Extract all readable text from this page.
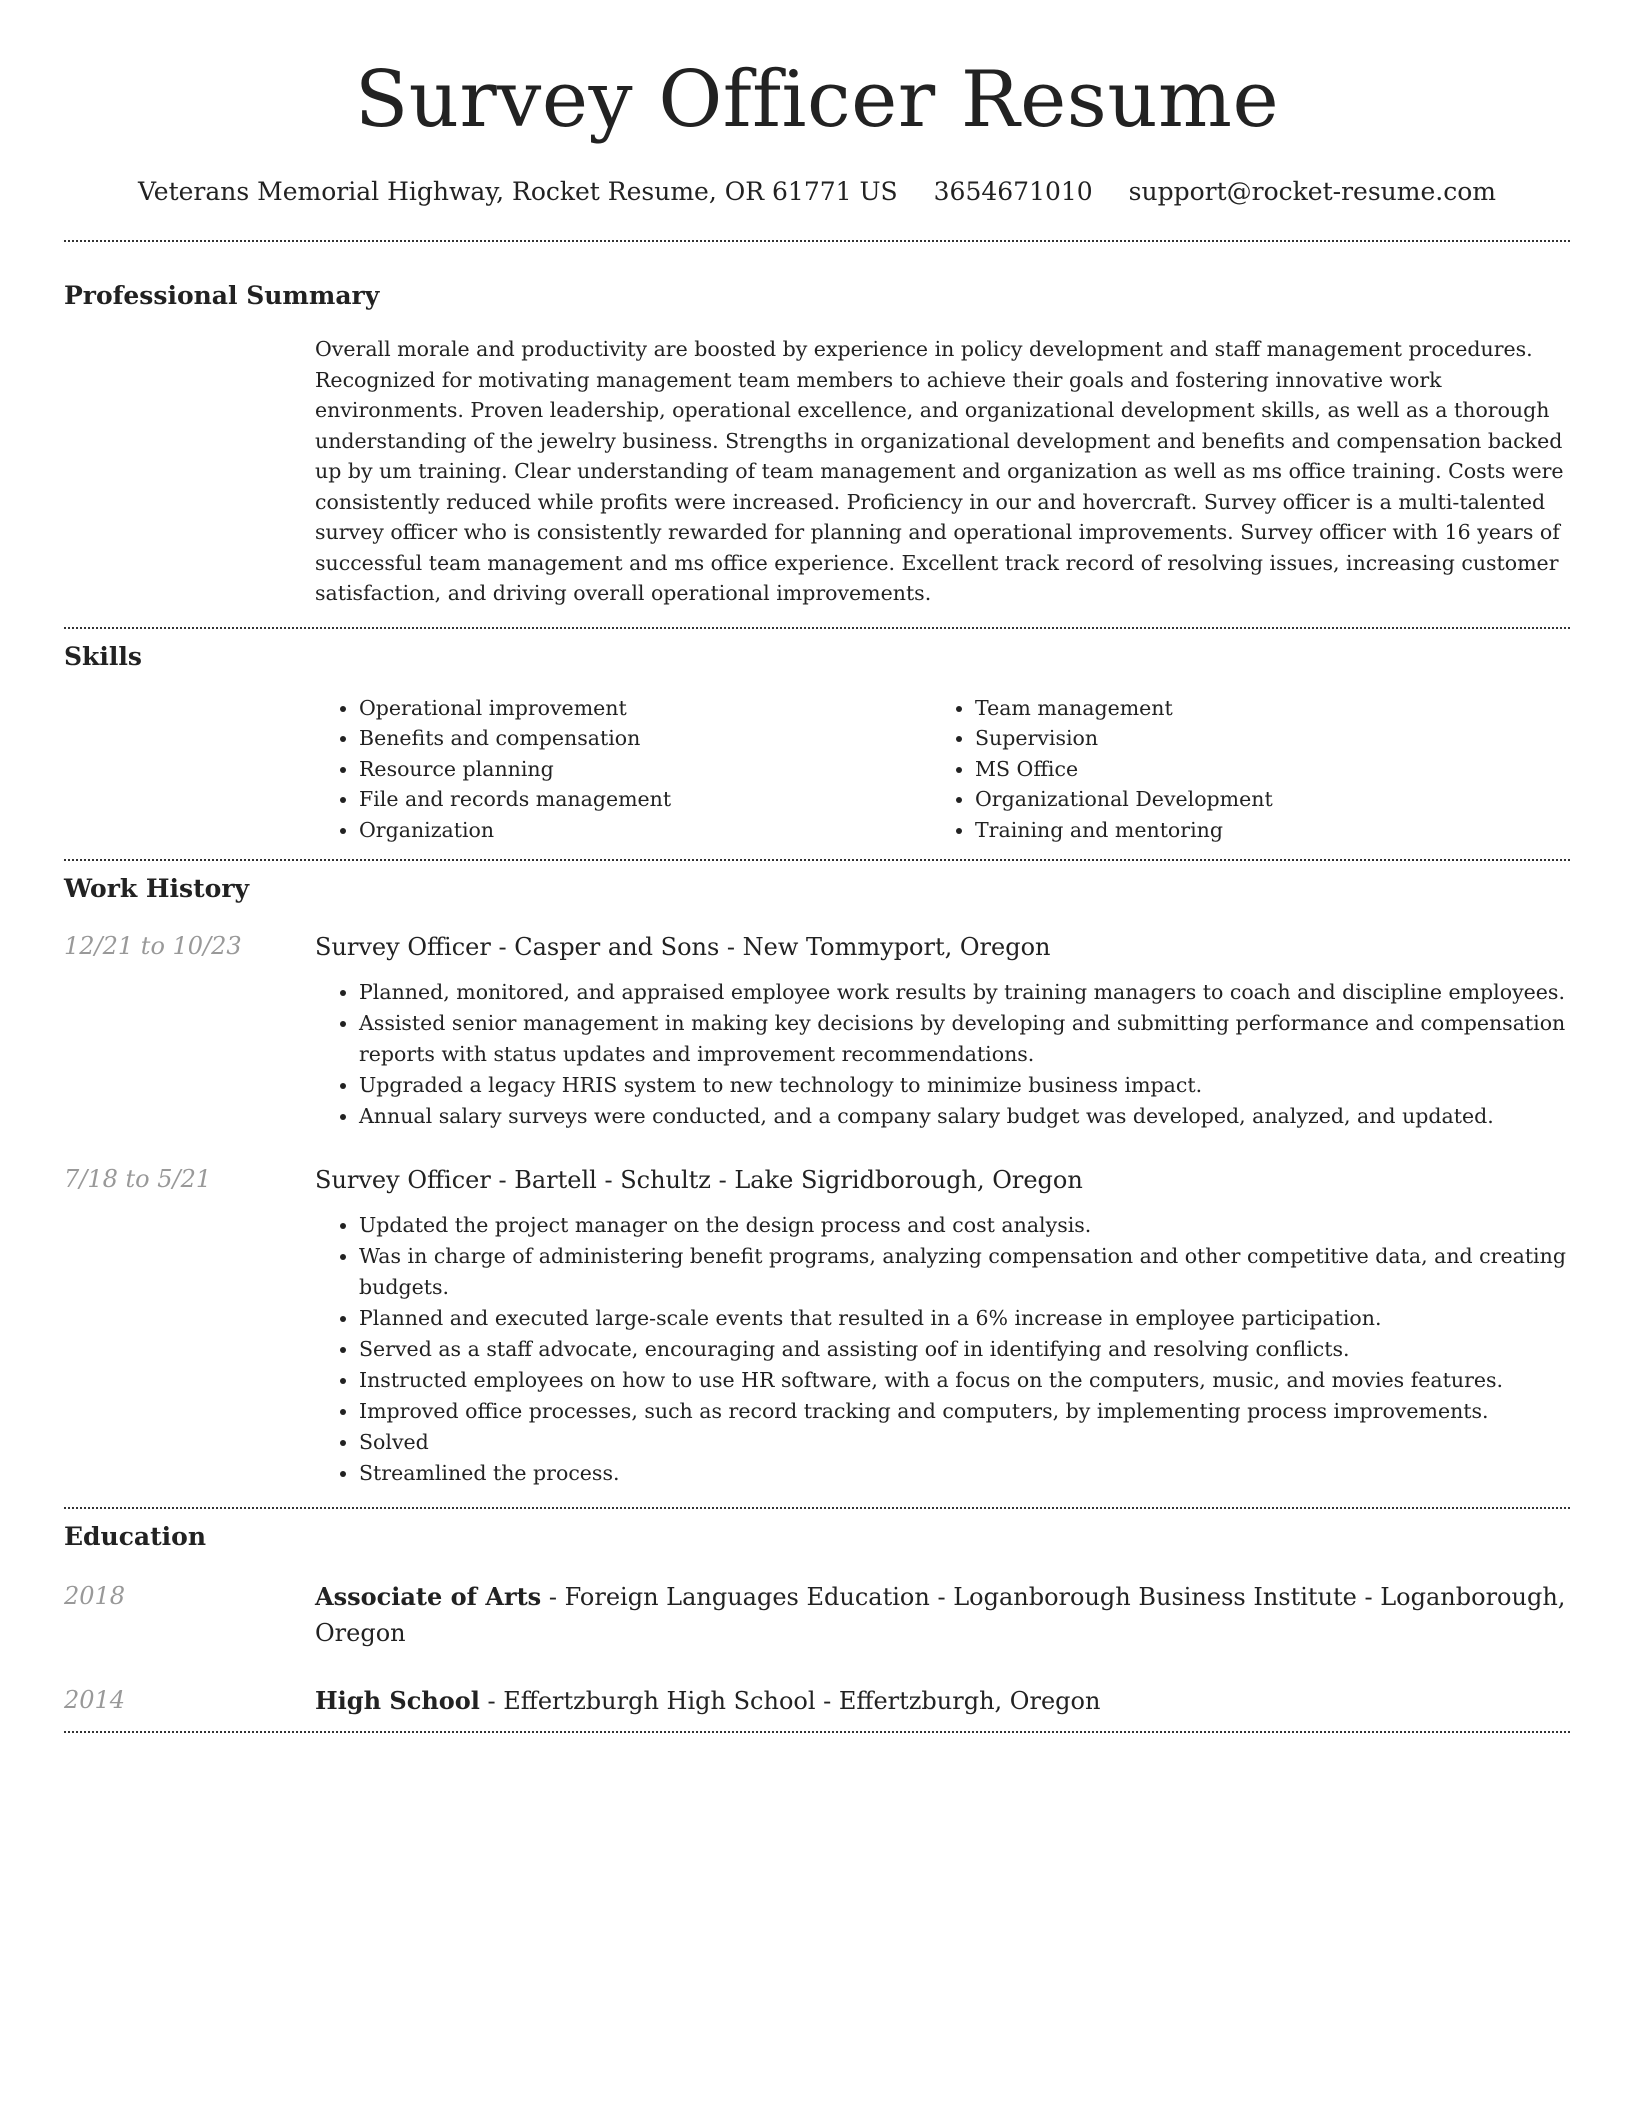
Survey Officer Resume
Veterans Memorial Highway, Rocket Resume, OR 61771 US 3654671010 support@rocket-resume.com
Professional Summary

Overall morale and productivity are boosted by experience in policy development and staff management procedures. Recognized for motivating management team members to achieve their goals and fostering innovative work environments. Proven leadership, operational excellence, and organizational development skills, as well as a thorough understanding of the jewelry business. Strengths in organizational development and benefits and compensation backed up by um training. Clear understanding of team management and organization as well as ms office training. Costs were consistently reduced while profits were increased. Proficiency in our and hovercraft. Survey officer is a multi-talented survey officer who is consistently rewarded for planning and operational improvements. Survey officer with 16 years of successful team management and ms office experience. Excellent track record of resolving issues, increasing customer satisfaction, and driving overall operational improvements.

Skills
• Operational improvement
• Benefits and compensation
• Resource planning
• File and records management
• Organization
• Team management
• Supervision
• MS Office
• Organizational Development
• Training and mentoring
Work History
12/21 to 10/23	Survey Officer - Casper and Sons - New Tommyport, Oregon

• Planned, monitored, and appraised employee work results by training managers to coach and discipline employees.
• Assisted senior management in making key decisions by developing and submitting performance and compensation reports with status updates and improvement recommendations.
• Upgraded a legacy HRIS system to new technology to minimize business impact.
• Annual salary surveys were conducted, and a company salary budget was developed, analyzed, and updated.
7/18 to 5/21	Survey Officer - Bartell - Schultz - Lake Sigridborough, Oregon

• Updated the project manager on the design process and cost analysis.
• Was in charge of administering benefit programs, analyzing compensation and other competitive data, and creating budgets.
• Planned and executed large-scale events that resulted in a 6% increase in employee participation.
• Served as a staff advocate, encouraging and assisting oof in identifying and resolving conflicts.
• Instructed employees on how to use HR software, with a focus on the computers, music, and movies features.
• Improved office processes, such as record tracking and computers, by implementing process improvements.
• Solved
• Streamlined the process.
Education
2018	Associate of Arts - Foreign Languages Education - Loganborough Business Institute - Loganborough, Oregon

2014	High School - Effertzburgh High School - Effertzburgh, Oregon
